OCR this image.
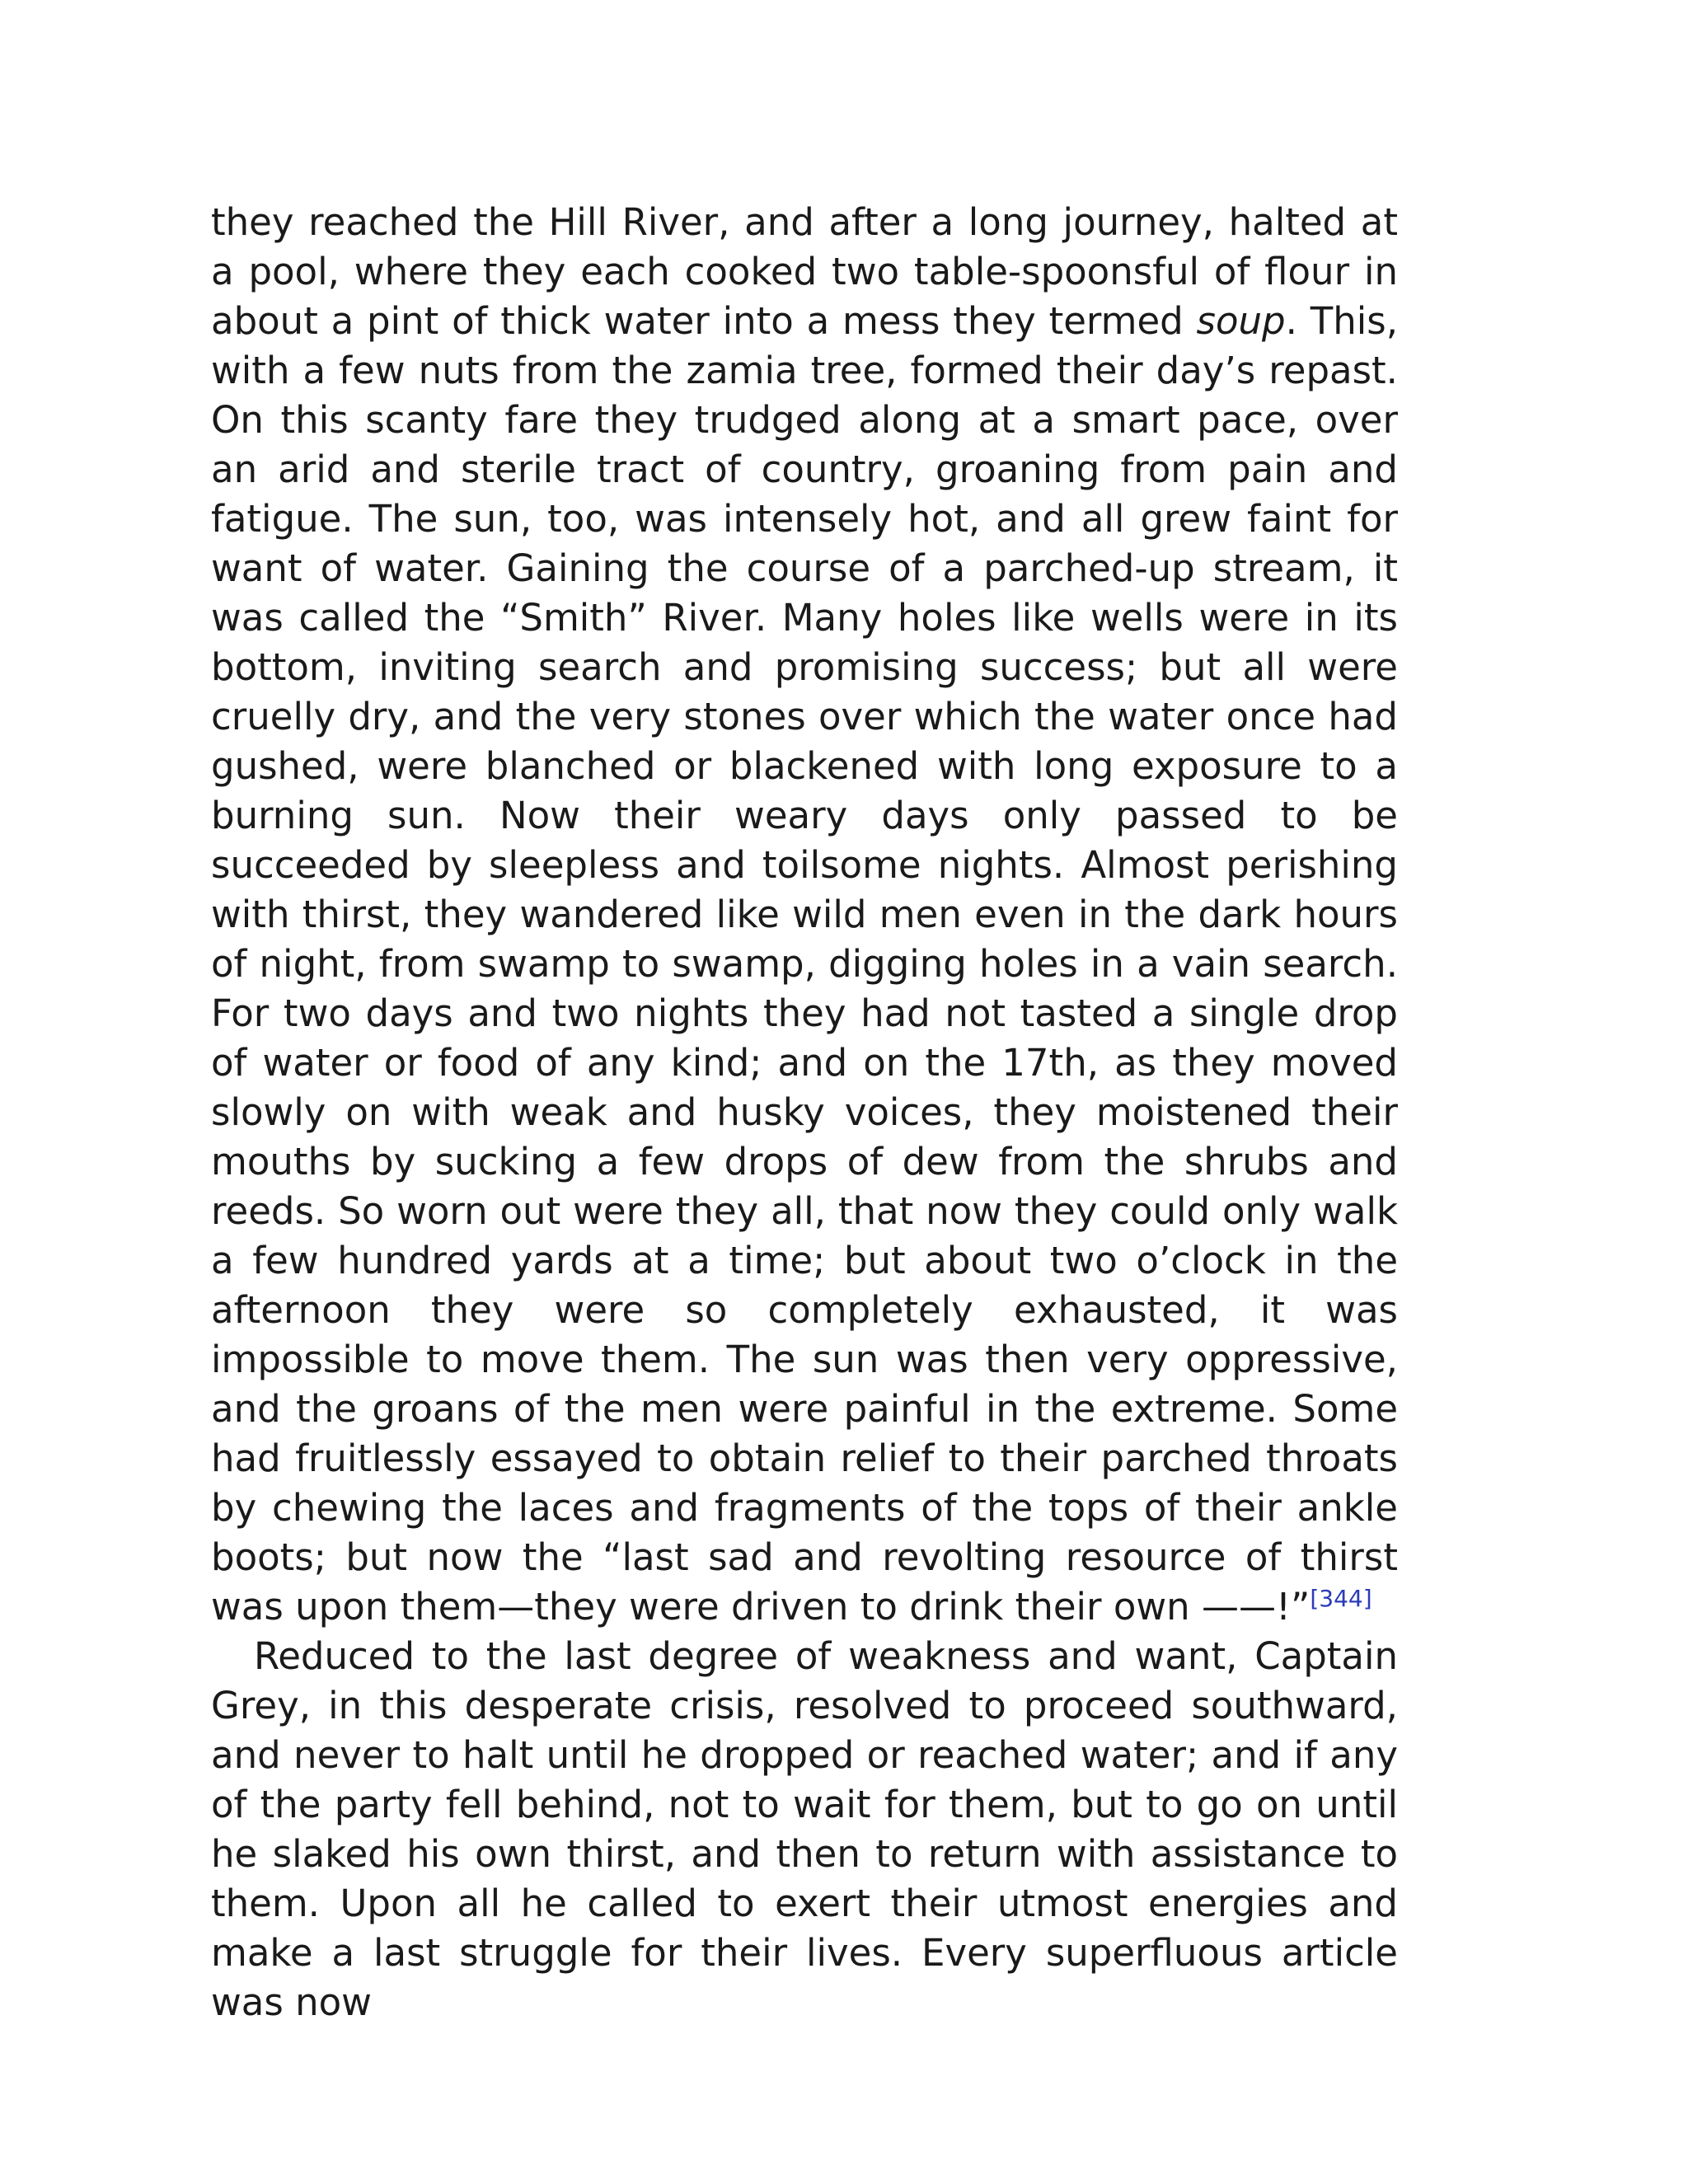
they reached the Hill River, and after a long journey, halted at a pool, where they each cooked two table-spoonsful of flour in about a pint of thick water into a mess they termed soup. This, with a few nuts from the zamia tree, formed their day’s repast. On this scanty fare they trudged along at a smart pace, over an arid and sterile tract of country, groaning from pain and fatigue. The sun, too, was intensely hot, and all grew faint for want of water. Gaining the course of a parched-up stream, it was called the “Smith” River. Many holes like wells were in its bottom, inviting search and promising success; but all were cruelly dry, and the very stones over which the water once had gushed, were blanched or blackened with long exposure to a burning sun. Now their weary days only passed to be succeeded by sleepless and toilsome nights. Almost perishing with thirst, they wandered like wild men even in the dark hours of night, from swamp to swamp, digging holes in a vain search. For two days and two nights they had not tasted a single drop of water or food of any kind; and on the 17th, as they moved slowly on with weak and husky voices, they moistened their mouths by sucking a few drops of dew from the shrubs and reeds. So worn out were they all, that now they could only walk a few hundred yards at a time; but about two o’clock in the afternoon they were so completely exhausted, it was impossible to move them. The sun was then very oppressive, and the groans of the men were painful in the extreme. Some had fruitlessly essayed to obtain relief to their parched throats by chewing the laces and fragments of the tops of their ankle boots; but now the “last sad and revolting resource of thirst was upon them—they were driven to drink their own ——!”[344]

Reduced to the last degree of weakness and want, Captain Grey, in this desperate crisis, resolved to proceed southward, and never to halt until he dropped or reached water; and if any of the party fell behind, not to wait for them, but to go on until he slaked his own thirst, and then to return with assistance to them. Upon all he called to exert their utmost energies and make a last struggle for their lives. Every superfluous article was now
